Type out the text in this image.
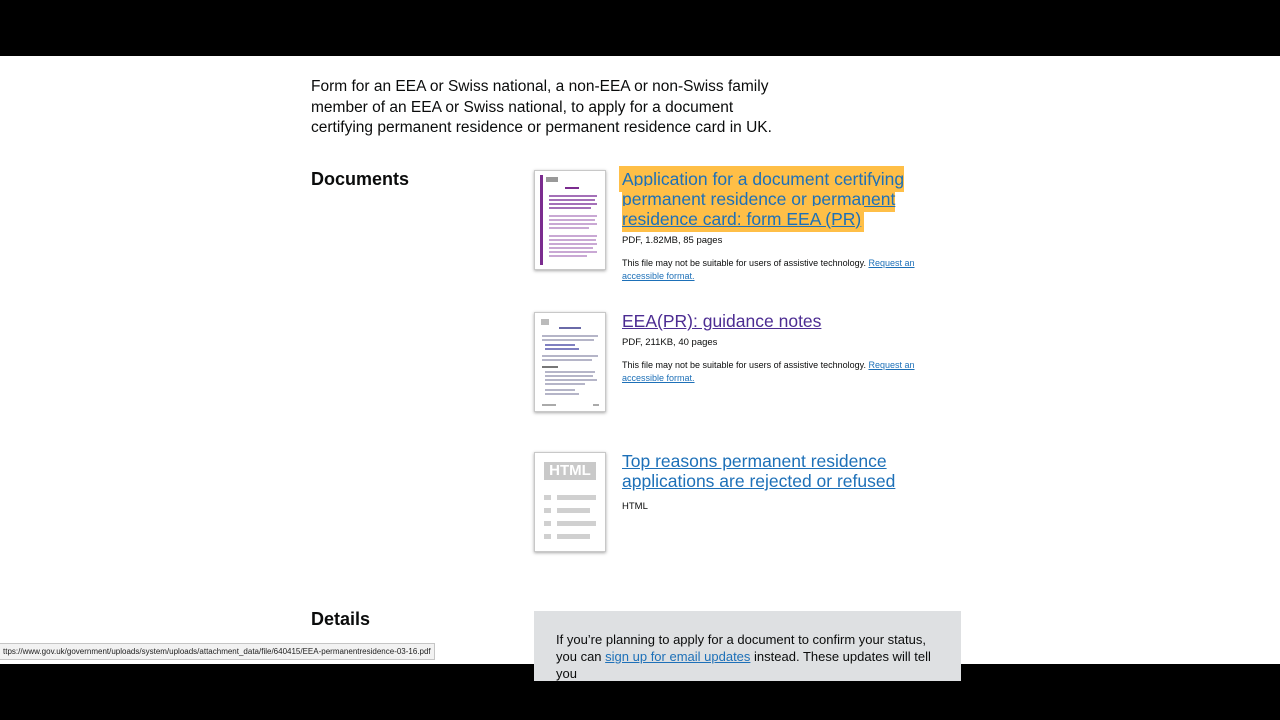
Form for an EEA or Swiss national, a non-EEA or non-Swiss family member of an EEA or Swiss national, to apply for a document certifying permanent residence or permanent residence card in UK.

Documents	Application for a document certifying permanent residence or permanent residence card: form EEA (PR)
PDF, 1.82MB, 85 pages
This file may not be suitable for users of assistive technology. Request an accessible format.
EEA(PR): guidance notes
PDF, 211KB, 40 pages
This file may not be suitable for users of assistive technology. Request an accessible format.
HTML Top reasons permanent residence applications are rejected or refused
HTML
Details
If you’re planning to apply for a document to confirm your status, you can sign up for email updates instead. These updates will tell you
ttps://www.gov.uk/government/uploads/system/uploads/attachment_data/file/640415/EEA-permanentresidence-03-16.pdf
